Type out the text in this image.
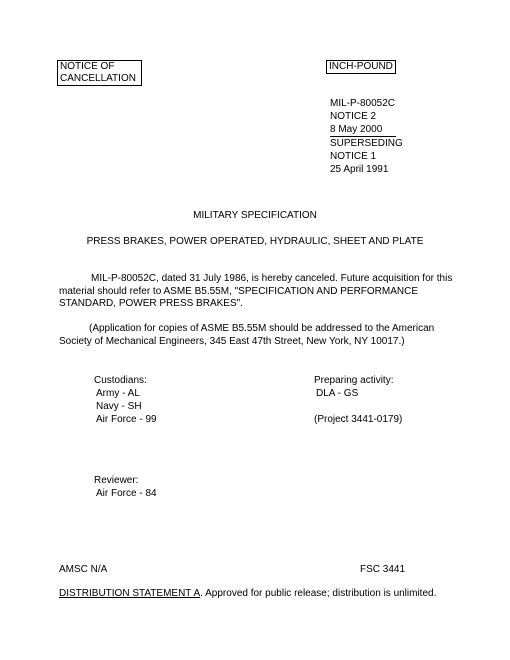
NOTICE OF
CANCELLATION
INCH-POUND
MIL-P-80052C
NOTICE 2
8 May 2000
SUPERSEDING
NOTICE 1
25 April 1991
MILITARY SPECIFICATION
PRESS BRAKES, POWER OPERATED, HYDRAULIC, SHEET AND PLATE
MIL-P-80052C, dated 31 July 1986, is hereby canceled. Future acquisition for this material should refer to ASME B5.55M, "SPECIFICATION AND PERFORMANCE STANDARD, POWER PRESS BRAKES".
(Application for copies of ASME B5.55M should be addressed to the American Society of Mechanical Engineers, 345 East 47th Street, New York, NY 10017.)
Custodians:
Army - AL
Navy - SH
Air Force - 99
Preparing activity:
DLA - GS
(Project 3441-0179)
Reviewer:
Air Force - 84
AMSC N/A	FSC 3441
DISTRIBUTION STATEMENT A. Approved for public release; distribution is unlimited.
